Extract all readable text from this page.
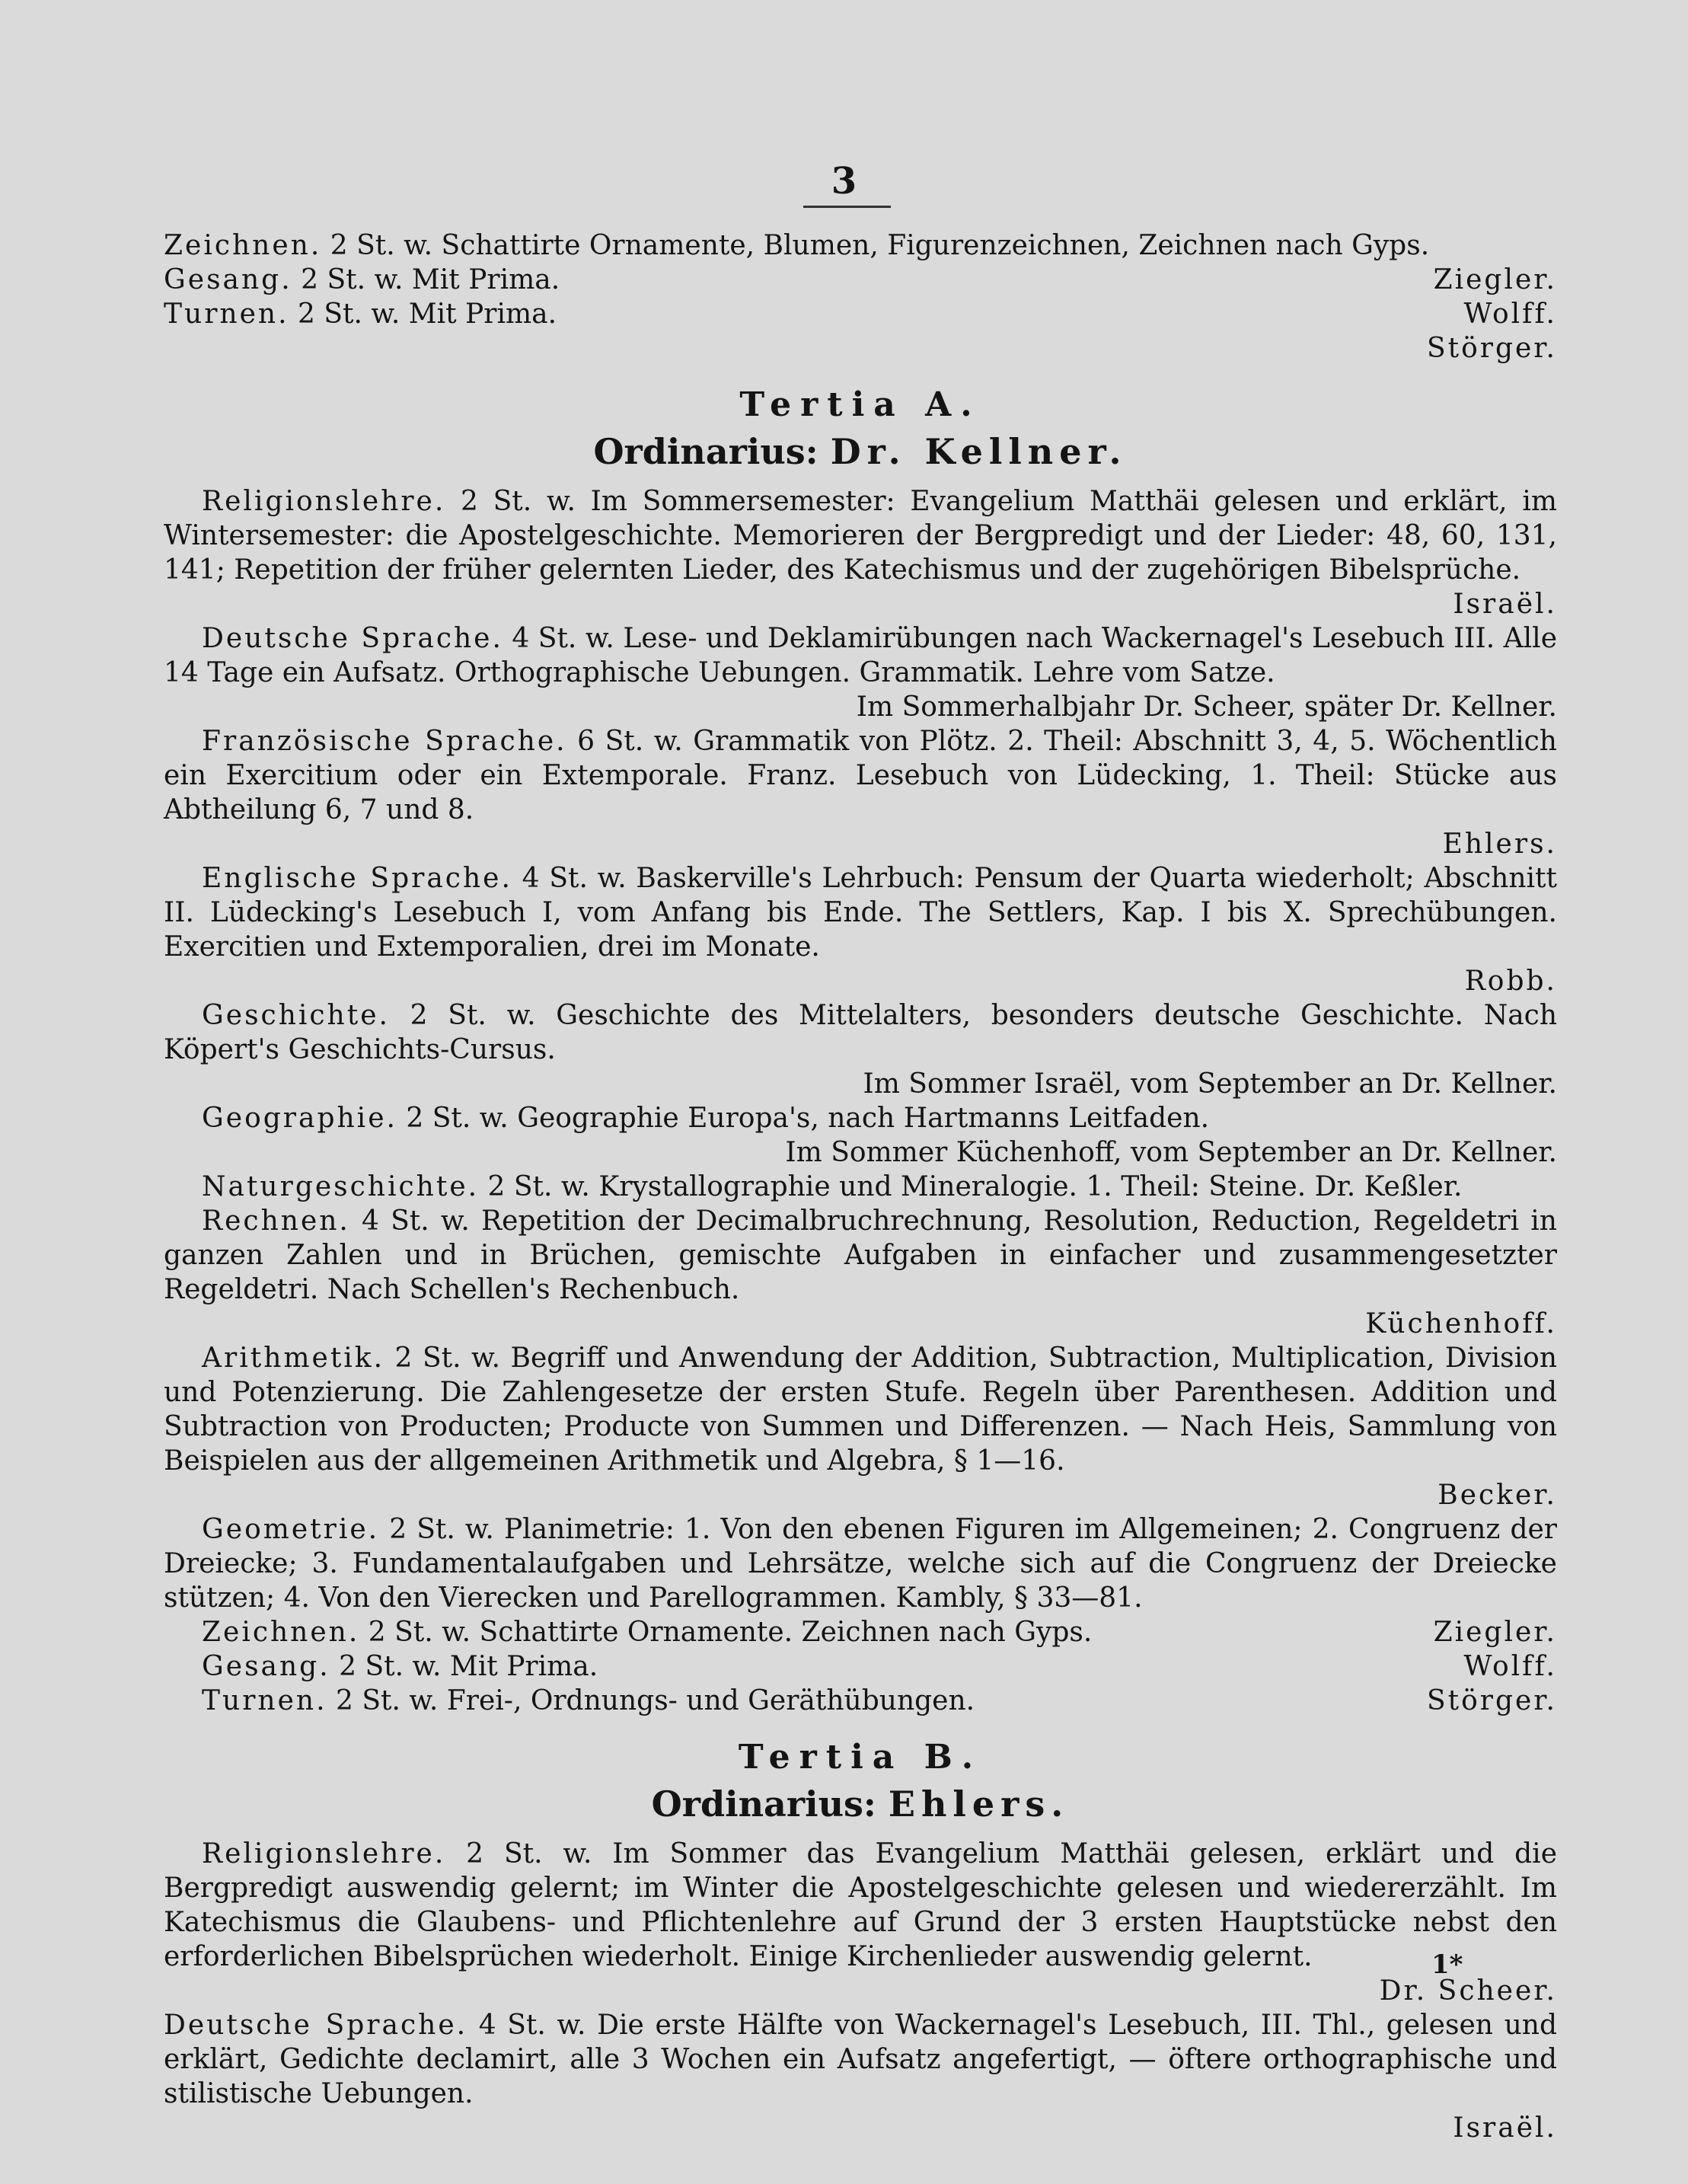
3
Zeichnen. 2 St. w. Schattirte Ornamente, Blumen, Figurenzeichnen, Zeichnen nach Gyps.
Gesang. 2 St. w. Mit Prima.	Ziegler.
Turnen. 2 St. w. Mit Prima.	Wolff.
Störger.
Tertia A.
Ordinarius: Dr. Kellner.
Religionslehre. 2 St. w. Im Sommersemester: Evangelium Matthäi gelesen und erklärt, im Wintersemester: die Apostelgeschichte. Memorieren der Bergpredigt und der Lieder: 48, 60, 131, 141; Repetition der früher gelernten Lieder, des Katechismus und der zugehörigen Bibelsprüche.
Israël.
Deutsche Sprache. 4 St. w. Lese- und Deklamirübungen nach Wackernagel's Lesebuch III. Alle 14 Tage ein Aufsatz. Orthographische Uebungen. Grammatik. Lehre vom Satze.
Im Sommerhalbjahr Dr. Scheer, später Dr. Kellner.
Französische Sprache. 6 St. w. Grammatik von Plötz. 2. Theil: Abschnitt 3, 4, 5. Wöchentlich ein Exercitium oder ein Extemporale. Franz. Lesebuch von Lüdecking, 1. Theil: Stücke aus Abtheilung 6, 7 und 8.
Ehlers.
Englische Sprache. 4 St. w. Baskerville's Lehrbuch: Pensum der Quarta wiederholt; Abschnitt II. Lüdecking's Lesebuch I, vom Anfang bis Ende. The Settlers, Kap. I bis X. Sprechübungen. Exercitien und Extemporalien, drei im Monate.
Robb.
Geschichte. 2 St. w. Geschichte des Mittelalters, besonders deutsche Geschichte. Nach Köpert's Geschichts-Cursus.
Im Sommer Israël, vom September an Dr. Kellner.
Geographie. 2 St. w. Geographie Europa's, nach Hartmanns Leitfaden.
Im Sommer Küchenhoff, vom September an Dr. Kellner.
Naturgeschichte. 2 St. w. Krystallographie und Mineralogie. 1. Theil: Steine. Dr. Keßler.
Rechnen. 4 St. w. Repetition der Decimalbruchrechnung, Resolution, Reduction, Regeldetri in ganzen Zahlen und in Brüchen, gemischte Aufgaben in einfacher und zusammengesetzter Regeldetri. Nach Schellen's Rechenbuch.
Küchenhoff.
Arithmetik. 2 St. w. Begriff und Anwendung der Addition, Subtraction, Multiplication, Division und Potenzierung. Die Zahlengesetze der ersten Stufe. Regeln über Parenthesen. Addition und Subtraction von Producten; Producte von Summen und Differenzen. — Nach Heis, Sammlung von Beispielen aus der allgemeinen Arithmetik und Algebra, § 1—16.
Becker.
Geometrie. 2 St. w. Planimetrie: 1. Von den ebenen Figuren im Allgemeinen; 2. Congruenz der Dreiecke; 3. Fundamentalaufgaben und Lehrsätze, welche sich auf die Congruenz der Dreiecke stützen; 4. Von den Vierecken und Parellogrammen. Kambly, § 33—81.
Zeichnen. 2 St. w. Schattirte Ornamente. Zeichnen nach Gyps.	Ziegler.
Gesang. 2 St. w. Mit Prima.	Wolff.
Turnen. 2 St. w. Frei-, Ordnungs- und Geräthübungen.	Störger.
Tertia B.
Ordinarius: Ehlers.
Religionslehre. 2 St. w. Im Sommer das Evangelium Matthäi gelesen, erklärt und die Bergpredigt auswendig gelernt; im Winter die Apostelgeschichte gelesen und wiedererzählt. Im Katechismus die Glaubens- und Pflichtenlehre auf Grund der 3 ersten Hauptstücke nebst den erforderlichen Bibelsprüchen wiederholt. Einige Kirchenlieder auswendig gelernt.
Dr. Scheer.
Deutsche Sprache. 4 St. w. Die erste Hälfte von Wackernagel's Lesebuch, III. Thl., gelesen und erklärt, Gedichte declamirt, alle 3 Wochen ein Aufsatz angefertigt, — öftere orthographische und stilistische Uebungen.
Israël.
1*
